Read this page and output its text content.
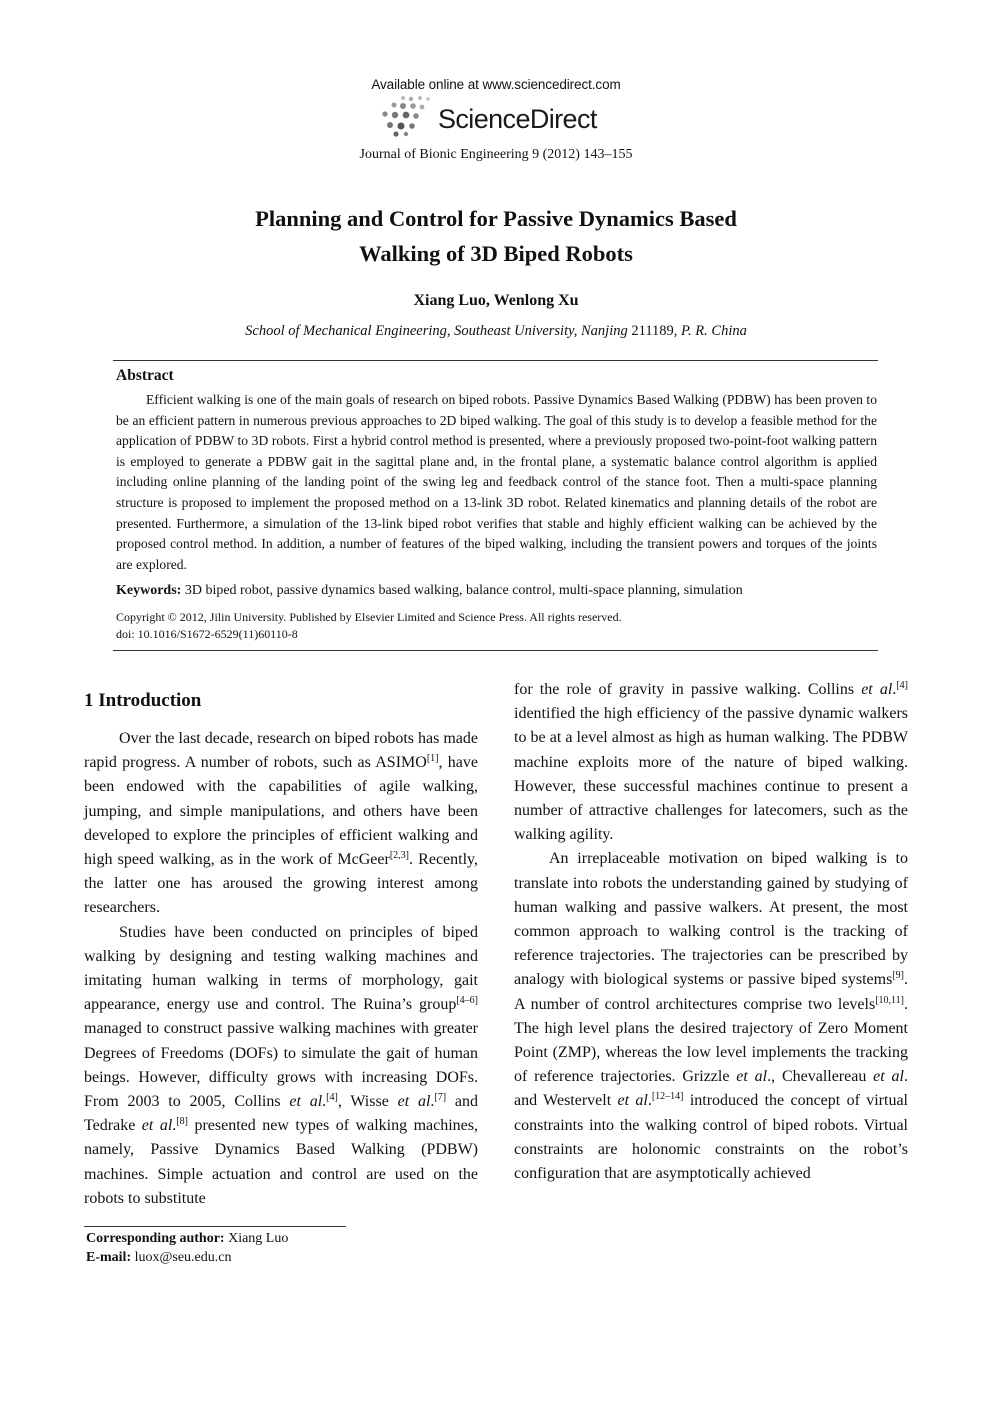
Available online at www.sciencedirect.com
ScienceDirect
Journal of Bionic Engineering 9 (2012) 143–155
Planning and Control for Passive Dynamics Based
Walking of 3D Biped Robots
Xiang Luo, Wenlong Xu
School of Mechanical Engineering, Southeast University, Nanjing 211189, P. R. China
Abstract
Efficient walking is one of the main goals of research on biped robots. Passive Dynamics Based Walking (PDBW) has been proven to be an efficient pattern in numerous previous approaches to 2D biped walking. The goal of this study is to develop a feasible method for the application of PDBW to 3D robots. First a hybrid control method is presented, where a previously proposed two-point-foot walking pattern is employed to generate a PDBW gait in the sagittal plane and, in the frontal plane, a systematic balance control algorithm is applied including online planning of the landing point of the swing leg and feedback control of the stance foot. Then a multi-space planning structure is proposed to implement the proposed method on a 13-link 3D robot. Related kinematics and planning details of the robot are presented. Furthermore, a simulation of the 13-link biped robot verifies that stable and highly efficient walking can be achieved by the proposed control method. In addition, a number of features of the biped walking, including the transient powers and torques of the joints are explored.
Keywords: 3D biped robot, passive dynamics based walking, balance control, multi-space planning, simulation
Copyright © 2012, Jilin University. Published by Elsevier Limited and Science Press. All rights reserved.
doi: 10.1016/S1672-6529(11)60110-8
1 Introduction

Over the last decade, research on biped robots has made rapid progress. A number of robots, such as ASIMO[1], have been endowed with the capabilities of agile walking, jumping, and simple manipulations, and others have been developed to explore the principles of efficient walking and high speed walking, as in the work of McGeer[2,3]. Recently, the latter one has aroused the growing interest among researchers.

Studies have been conducted on principles of biped walking by designing and testing walking machines and imitating human walking in terms of morphology, gait appearance, energy use and control. The Ruina’s group[4–6] managed to construct passive walking machines with greater Degrees of Freedoms (DOFs) to simulate the gait of human beings. However, difficulty grows with increasing DOFs. From 2003 to 2005, Collins et al.[4], Wisse et al.[7] and Tedrake et al.[8] presented new types of walking machines, namely, Passive Dynamics Based Walking (PDBW) machines. Simple actuation and control are used on the robots to substitute

for the role of gravity in passive walking. Collins et al.[4] identified the high efficiency of the passive dynamic walkers to be at a level almost as high as human walking. The PDBW machine exploits more of the nature of biped walking. However, these successful machines continue to present a number of attractive challenges for latecomers, such as the walking agility.

An irreplaceable motivation on biped walking is to translate into robots the understanding gained by studying of human walking and passive walkers. At present, the most common approach to walking control is the tracking of reference trajectories. The trajectories can be prescribed by analogy with biological systems or passive biped systems[9]. A number of control architectures comprise two levels[10,11]. The high level plans the desired trajectory of Zero Moment Point (ZMP), whereas the low level implements the tracking of reference trajectories. Grizzle et al., Chevallereau et al. and Westervelt et al.[12–14] introduced the concept of virtual constraints into the walking control of biped robots. Virtual constraints are holonomic constraints on the robot’s configuration that are asymptotically achieved

Corresponding author: Xiang Luo
E-mail: luox@seu.edu.cn
